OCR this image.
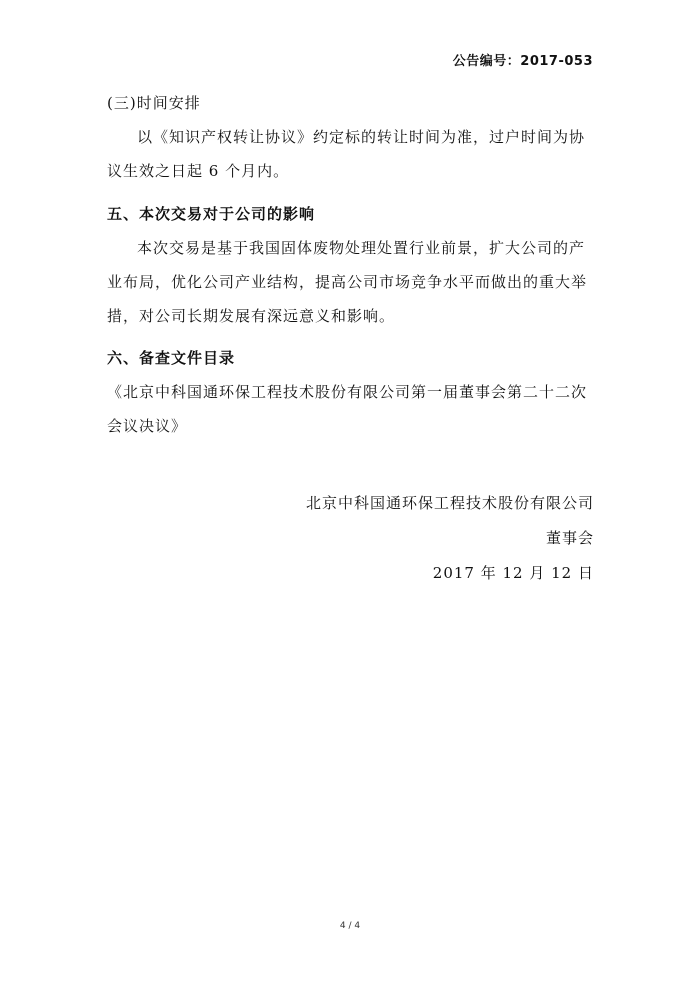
公告编号：2017-053

(三)时间安排

以《知识产权转让协议》约定标的转让时间为准，过户时间为协议生效之日起 6 个月内。

五、本次交易对于公司的影响

本次交易是基于我国固体废物处理处置行业前景，扩大公司的产业布局，优化公司产业结构，提高公司市场竞争水平而做出的重大举措，对公司长期发展有深远意义和影响。

六、备查文件目录

《北京中科国通环保工程技术股份有限公司第一届董事会第二十二次会议决议》

北京中科国通环保工程技术股份有限公司
董事会
2017 年 12 月 12 日
4 / 4
